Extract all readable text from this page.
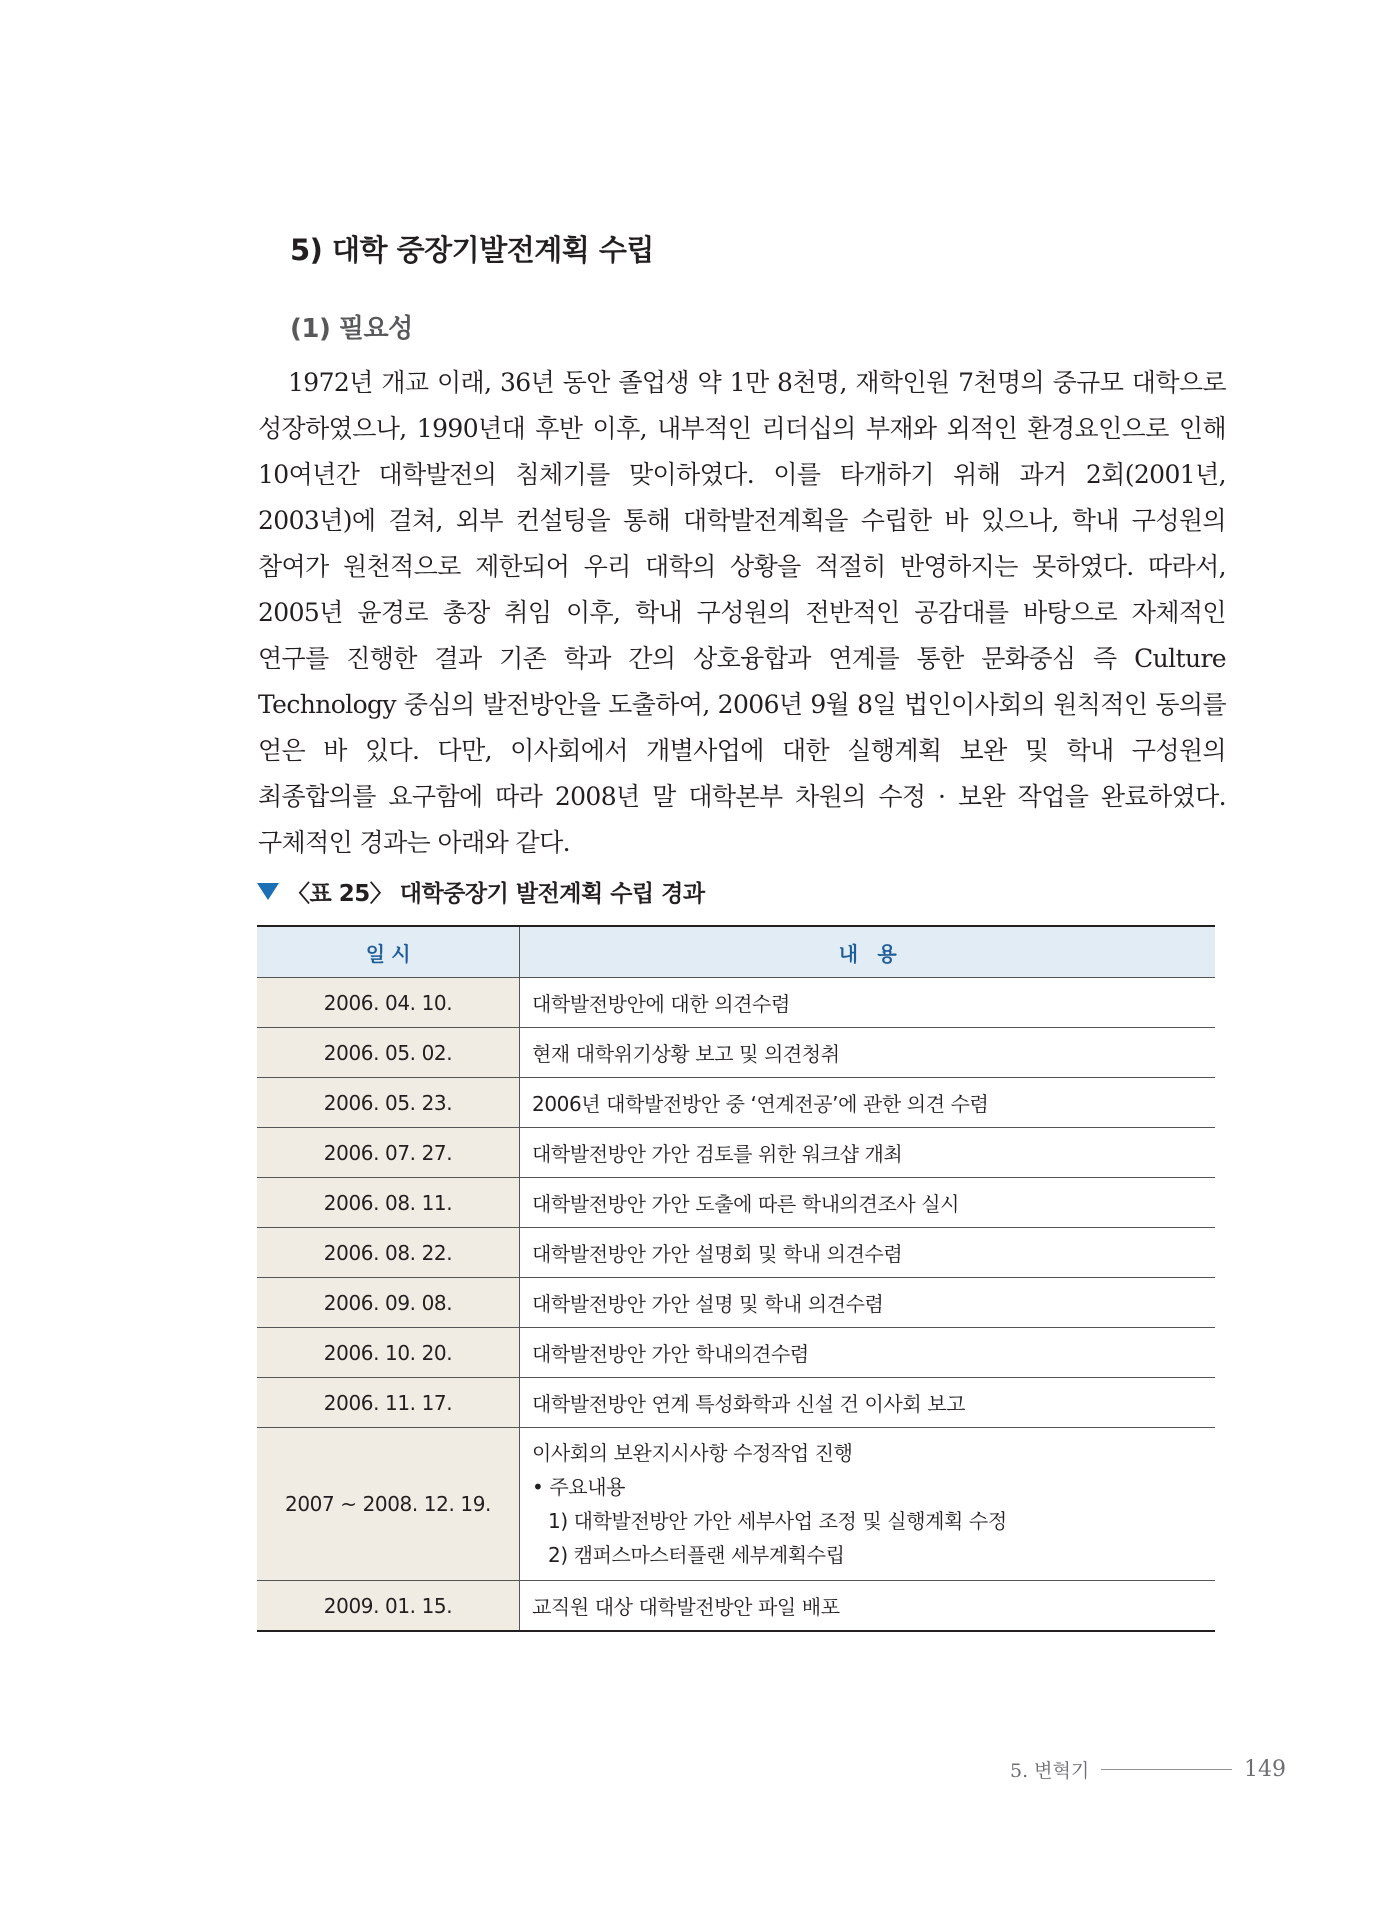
5) 대학 중장기발전계획 수립
(1) 필요성

1972년 개교 이래, 36년 동안 졸업생 약 1만 8천명, 재학인원 7천명의 중규모 대학으로 성장하였으나, 1990년대 후반 이후, 내부적인 리더십의 부재와 외적인 환경요인으로 인해 10여년간 대학발전의 침체기를 맞이하였다. 이를 타개하기 위해 과거 2회(2001년, 2003년)에 걸쳐, 외부 컨설팅을 통해 대학발전계획을 수립한 바 있으나, 학내 구성원의 참여가 원천적으로 제한되어 우리 대학의 상황을 적절히 반영하지는 못하였다. 따라서, 2005년 윤경로 총장 취임 이후, 학내 구성원의 전반적인 공감대를 바탕으로 자체적인 연구를 진행한 결과 기존 학과 간의 상호융합과 연계를 통한 문화중심 즉 Culture Technology 중심의 발전방안을 도출하여, 2006년 9월 8일 법인이사회의 원칙적인 동의를 얻은 바 있다. 다만, 이사회에서 개별사업에 대한 실행계획 보완 및 학내 구성원의 최종합의를 요구함에 따라 2008년 말 대학본부 차원의 수정 · 보완 작업을 완료하였다. 구체적인 경과는 아래와 같다.

〈표 25〉 대학중장기 발전계획 수립 경과
일 시	내   용
2006. 04. 10.	대학발전방안에 대한 의견수렴
2006. 05. 02.	현재 대학위기상황 보고 및 의견청취
2006. 05. 23.	2006년 대학발전방안 중 ‘연계전공’에 관한 의견 수렴
2006. 07. 27.	대학발전방안 가안 검토를 위한 워크샵 개최
2006. 08. 11.	대학발전방안 가안 도출에 따른 학내의견조사 실시
2006. 08. 22.	대학발전방안 가안 설명회 및 학내 의견수렴
2006. 09. 08.	대학발전방안 가안 설명 및 학내 의견수렴
2006. 10. 20.	대학발전방안 가안 학내의견수렴
2006. 11. 17.	대학발전방안 연계 특성화학과 신설 건 이사회 보고
2007 ~ 2008. 12. 19.	이사회의 보완지시사항 수정작업 진행
• 주요내용
1) 대학발전방안 가안 세부사업 조정 및 실행계획 수정
2) 캠퍼스마스터플랜 세부계획수립

2009. 01. 15.	교직원 대상 대학발전방안 파일 배포
5. 변혁기	149
